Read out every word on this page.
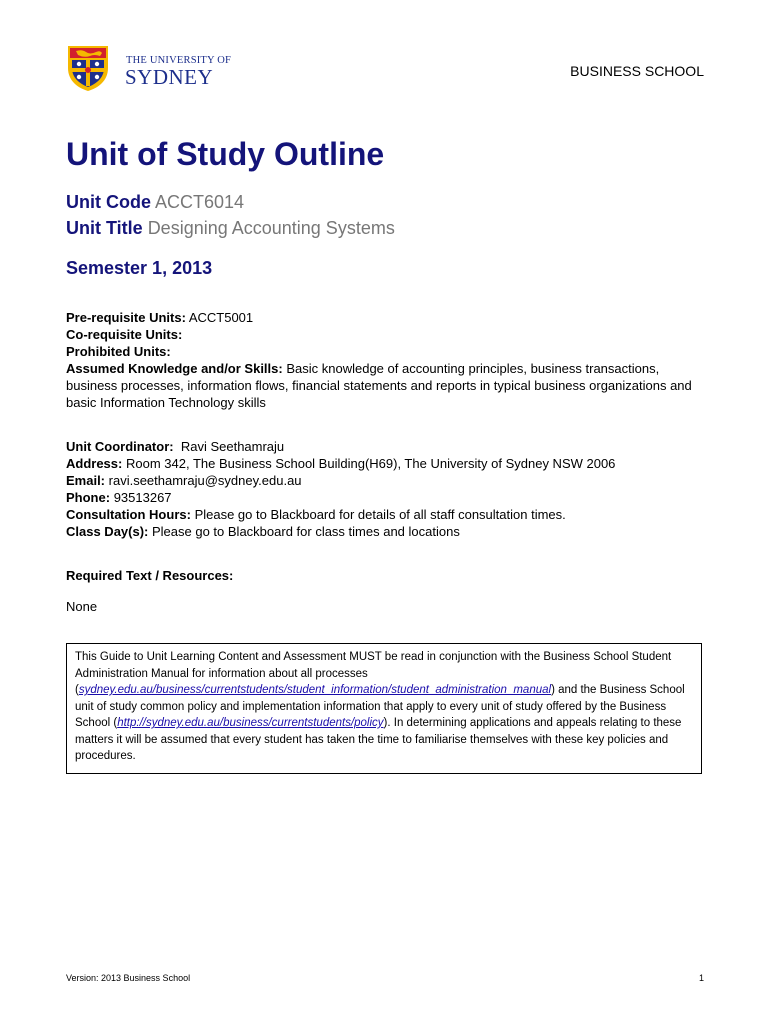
THE UNIVERSITY OF
SYDNEY	BUSINESS SCHOOL
Unit of Study Outline
Unit Code ACCT6014
Unit Title Designing Accounting Systems
Semester 1, 2013
Pre-requisite Units: ACCT5001
Co-requisite Units:
Prohibited Units:
Assumed Knowledge and/or Skills: Basic knowledge of accounting principles, business transactions, business processes, information flows, financial statements and reports in typical business organizations and basic Information Technology skills
Unit Coordinator: Ravi Seethamraju
Address: Room 342, The Business School Building(H69), The University of Sydney NSW 2006
Email: ravi.seethamraju@sydney.edu.au
Phone: 93513267
Consultation Hours: Please go to Blackboard for details of all staff consultation times.
Class Day(s): Please go to Blackboard for class times and locations
Required Text / Resources:
None
This Guide to Unit Learning Content and Assessment MUST be read in conjunction with the Business School Student Administration Manual for information about all processes (sydney.edu.au/business/currentstudents/student_information/student_administration_manual) and the Business School unit of study common policy and implementation information that apply to every unit of study offered by the Business School (http://sydney.edu.au/business/currentstudents/policy). In determining applications and appeals relating to these matters it will be assumed that every student has taken the time to familiarise themselves with these key policies and procedures.
Version: 2013 Business School	1
